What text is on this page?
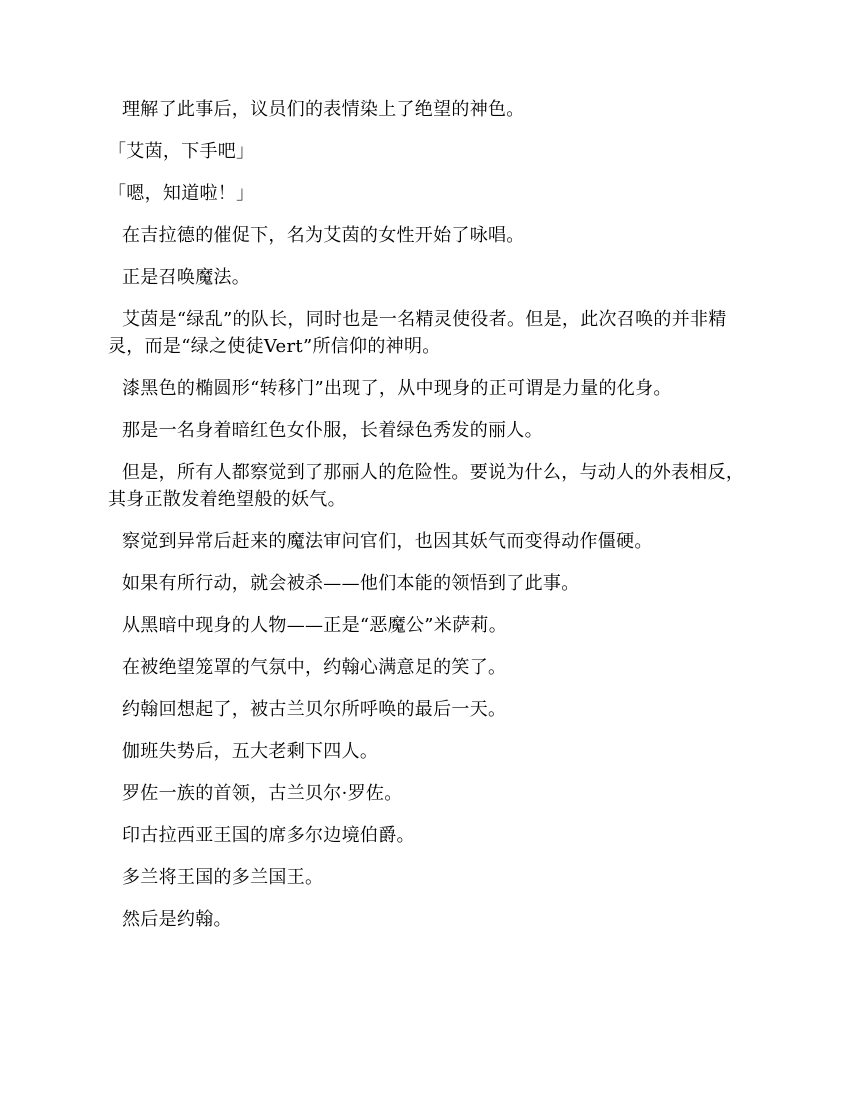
理解了此事后，议员们的表情染上了绝望的神色。

「艾茵，下手吧」

「嗯，知道啦！」

在吉拉德的催促下，名为艾茵的女性开始了咏唱。

正是召唤魔法。

艾茵是“绿乱”的队长，同时也是一名精灵使役者。但是，此次召唤的并非精灵，而是“绿之使徒Vert”所信仰的神明。

漆黑色的椭圆形“转移门”出现了，从中现身的正可谓是力量的化身。

那是一名身着暗红色女仆服，长着绿色秀发的丽人。

但是，所有人都察觉到了那丽人的危险性。要说为什么，与动人的外表相反，其身正散发着绝望般的妖气。

察觉到异常后赶来的魔法审问官们，也因其妖气而变得动作僵硬。

如果有所行动，就会被杀——他们本能的领悟到了此事。

从黑暗中现身的人物——正是“恶魔公”米萨莉。

在被绝望笼罩的气氛中，约翰心满意足的笑了。

约翰回想起了，被古兰贝尔所呼唤的最后一天。

伽班失势后，五大老剩下四人。

罗佐一族的首领，古兰贝尔·罗佐。

印古拉西亚王国的席多尔边境伯爵。

多兰将王国的多兰国王。

然后是约翰。
